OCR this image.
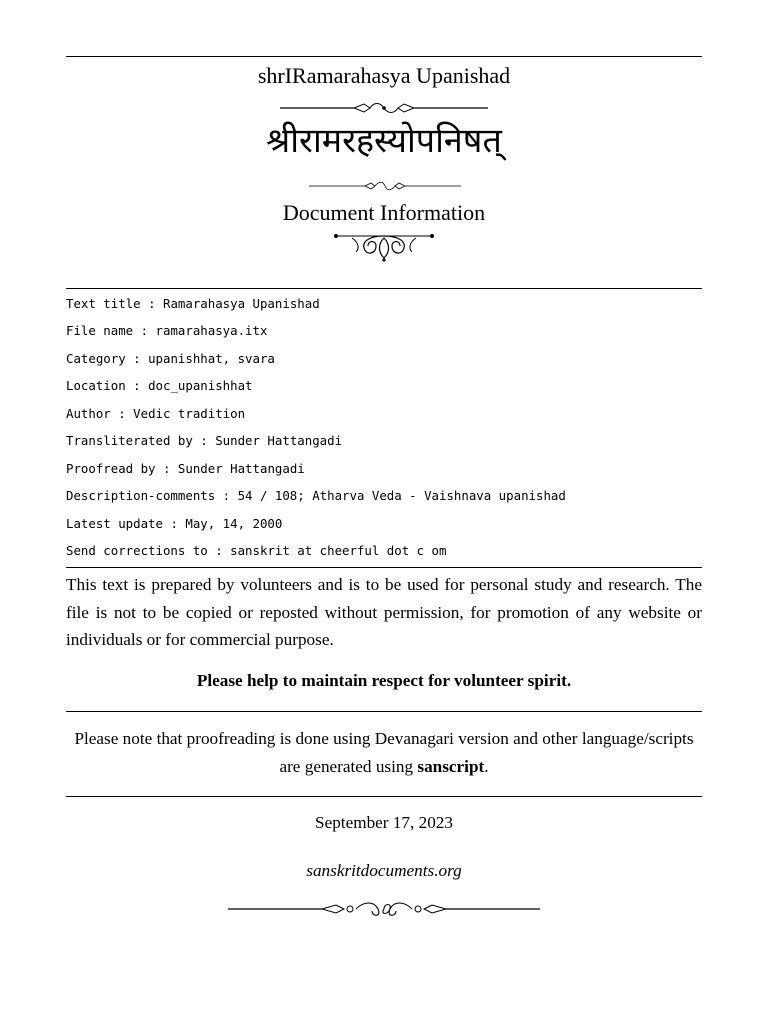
shrIRamarahasya Upanishad
श्रीरामरहस्योपनिषत्
Document Information
Text title : Ramarahasya Upanishad
File name : ramarahasya.itx
Category : upanishhat, svara
Location : doc_upanishhat
Author : Vedic tradition
Transliterated by : Sunder Hattangadi
Proofread by : Sunder Hattangadi
Description-comments : 54 / 108; Atharva Veda - Vaishnava upanishad
Latest update : May, 14, 2000
Send corrections to : sanskrit at cheerful dot c om
This text is prepared by volunteers and is to be used for personal study and research. The file is not to be copied or reposted without permission, for promotion of any website or individuals or for commercial purpose.
Please help to maintain respect for volunteer spirit.
Please note that proofreading is done using Devanagari version and other language/scripts are generated using sanscript.
September 17, 2023
sanskritdocuments.org
